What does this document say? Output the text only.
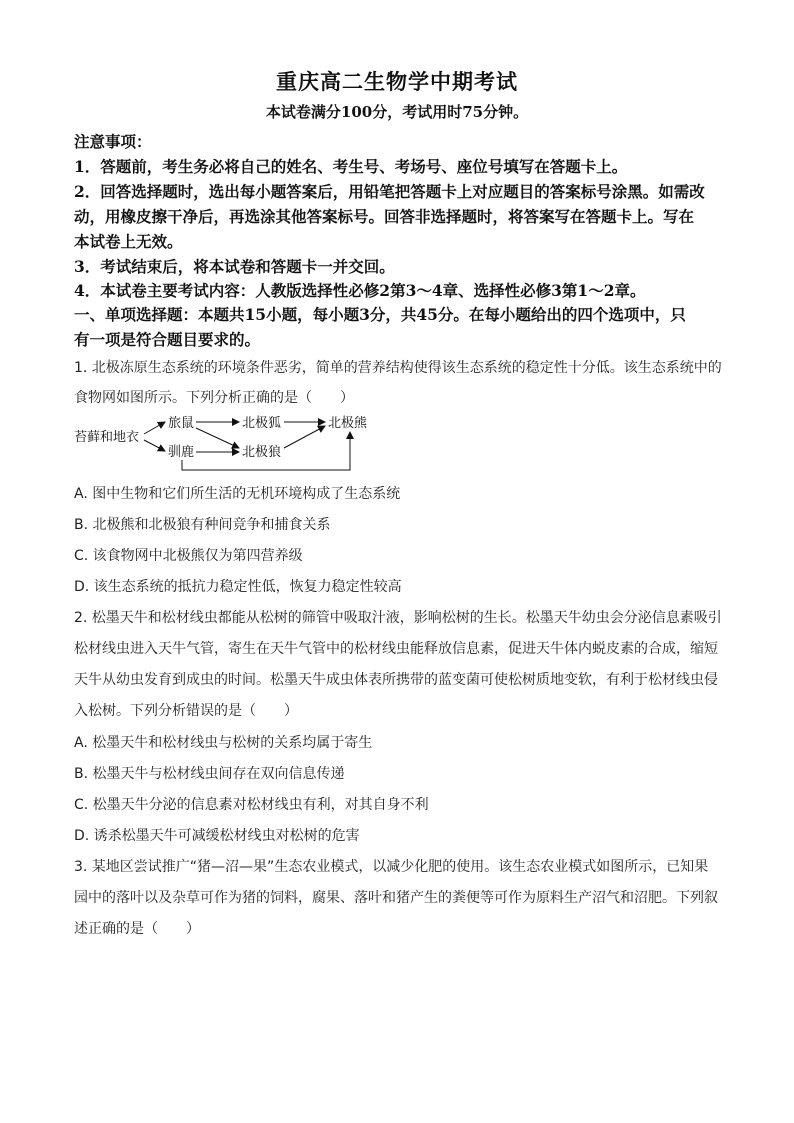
重庆高二生物学中期考试
本试卷满分100分，考试用时75分钟。
注意事项：
1．答题前，考生务必将自己的姓名、考生号、考场号、座位号填写在答题卡上。
2．回答选择题时，选出每小题答案后，用铅笔把答题卡上对应题目的答案标号涂黑。如需改
动，用橡皮擦干净后，再选涂其他答案标号。回答非选择题时，将答案写在答题卡上。写在
本试卷上无效。
3．考试结束后，将本试卷和答题卡一并交回。
4．本试卷主要考试内容：人教版选择性必修2第3～4章、选择性必修3第1～2章。
一、单项选择题：本题共15小题，每小题3分，共45分。在每小题给出的四个选项中，只
有一项是符合题目要求的。
1. 北极冻原生态系统的环境条件恶劣，简单的营养结构使得该生态系统的稳定性十分低。该生态系统中的
食物网如图所示。下列分析正确的是（　　）
苔藓和地衣
旅鼠
驯鹿
北极狐
北极狼
北极熊
A. 图中生物和它们所生活的无机环境构成了生态系统
B. 北极熊和北极狼有种间竞争和捕食关系
C. 该食物网中北极熊仅为第四营养级
D. 该生态系统的抵抗力稳定性低，恢复力稳定性较高
2. 松墨天牛和松材线虫都能从松树的筛管中吸取汁液，影响松树的生长。松墨天牛幼虫会分泌信息素吸引
松材线虫进入天牛气管，寄生在天牛气管中的松材线虫能释放信息素，促进天牛体内蜕皮素的合成，缩短
天牛从幼虫发育到成虫的时间。松墨天牛成虫体表所携带的蓝变菌可使松树质地变软，有利于松材线虫侵
入松树。下列分析错误的是（　　）
A. 松墨天牛和松材线虫与松树的关系均属于寄生
B. 松墨天牛与松材线虫间存在双向信息传递
C. 松墨天牛分泌的信息素对松材线虫有利，对其自身不利
D. 诱杀松墨天牛可减缓松材线虫对松树的危害
3. 某地区尝试推广“猪—沼—果”生态农业模式，以减少化肥的使用。该生态农业模式如图所示，已知果
园中的落叶以及杂草可作为猪的饲料，腐果、落叶和猪产生的粪便等可作为原料生产沼气和沼肥。下列叙
述正确的是（　　）
